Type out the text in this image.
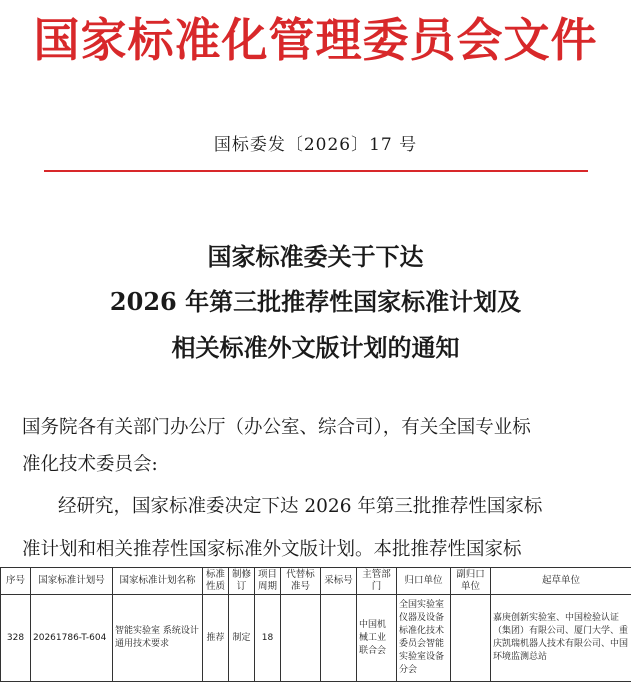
国家标准化管理委员会文件
国标委发〔2026〕17 号
国家标准委关于下达
2026 年第三批推荐性国家标准计划及
相关标准外文版计划的通知
国务院各有关部门办公厅（办公室、综合司），有关全国专业标
准化技术委员会:
经研究，国家标准委决定下达 2026 年第三批推荐性国家标
准计划和相关推荐性国家标准外文版计划。本批推荐性国家标
序号	国家标准计划号	国家标准计划名称	标准性质	制修订	项目周期	代替标准号	采标号	主管部门	归口单位	副归口单位	起草单位
328	20261786-T-604	智能实验室 系统设计 通用技术要求	推荐	制定	18			中国机械工业联合会	全国实验室仪器及设备标准化技术委员会智能实验室设备分会		嘉庚创新实验室、中国检验认证（集团）有限公司、厦门大学、重庆凯瑞机器人技术有限公司、中国环境监测总站
